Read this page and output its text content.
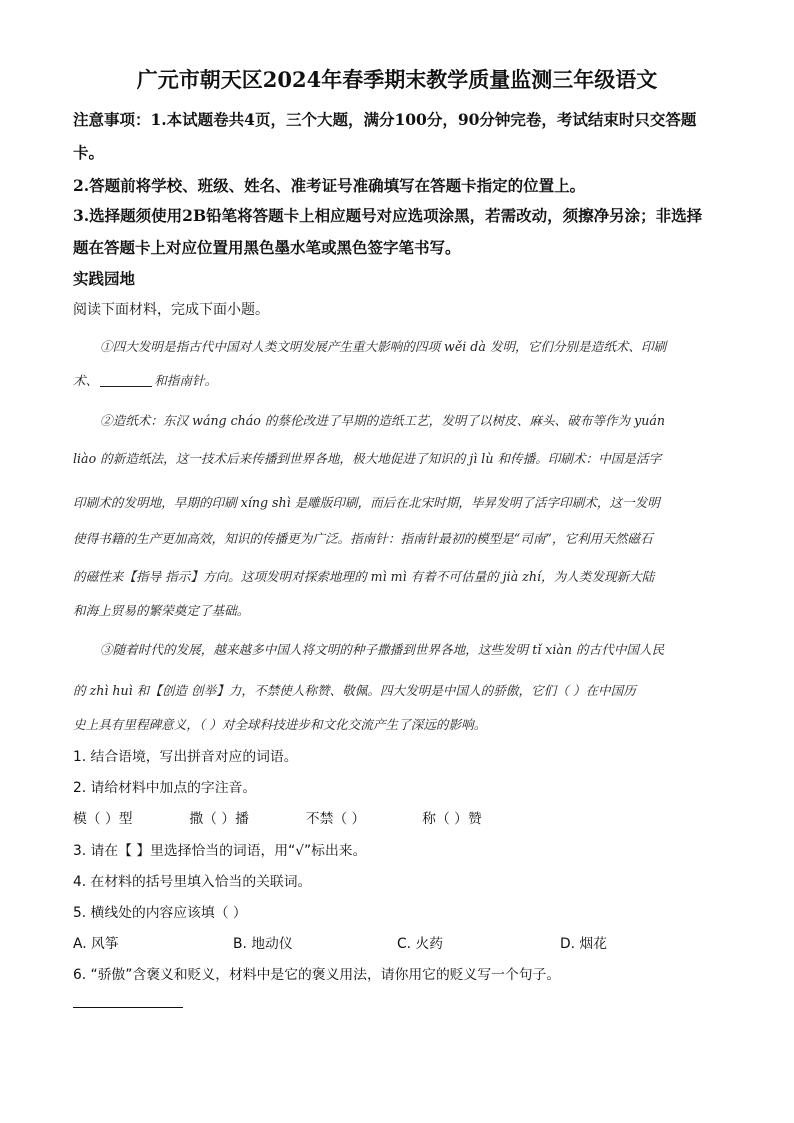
广元市朝天区2024年春季期末教学质量监测三年级语文
注意事项：1.本试题卷共4页，三个大题，满分100分，90分钟完卷，考试结束时只交答题
卡。
2.答题前将学校、班级、姓名、准考证号准确填写在答题卡指定的位置上。
3.选择题须使用2B铅笔将答题卡上相应题号对应选项涂黑，若需改动，须擦净另涂；非选择
题在答题卡上对应位置用黑色墨水笔或黑色签字笔书写。
实践园地
阅读下面材料，完成下面小题。
①四大发明是指古代中国对人类文明发展产生重大影响的四项 wěi dà 发明，它们分别是造纸术、印刷
术、	和指南针。
②造纸术：东汉 wáng cháo 的蔡伦改进了早期的造纸工艺，发明了以树皮、麻头、破布等作为 yuán
liào 的新造纸法，这一技术后来传播到世界各地，极大地促进了知识的 jì lù 和传播。印刷术：中国是活字
印刷术的发明地，早期的印刷 xíng shì 是雕版印刷，而后在北宋时期，毕昇发明了活字印刷术，这一发明
使得书籍的生产更加高效，知识的传播更为广泛。指南针：指南针最初的模型是“司南”，它利用天然磁石
的磁性来【指导 指示】方向。这项发明对探索地理的 mì mì 有着不可估量的 jià zhí，为人类发现新大陆
和海上贸易的繁荣奠定了基础。
③随着时代的发展，越来越多中国人将文明的种子撒播到世界各地，这些发明 tǐ xiàn 的古代中国人民
的 zhì huì 和【创造 创举】力，不禁使人称赞、敬佩。四大发明是中国人的骄傲，它们（ ）在中国历
史上具有里程碑意义，（ ）对全球科技进步和文化交流产生了深远的影响。
1. 结合语境，写出拼音对应的词语。
2. 请给材料中加点的字注音。
模（ ）型	撒（ ）播	不禁（ ）	称（ ）赞
3. 请在【 】里选择恰当的词语，用“√”标出来。
4. 在材料的括号里填入恰当的关联词。
5. 横线处的内容应该填（ ）
A. 风筝	B. 地动仪	C. 火药	D. 烟花
6. “骄傲”含褒义和贬义，材料中是它的褒义用法，请你用它的贬义写一个句子。
